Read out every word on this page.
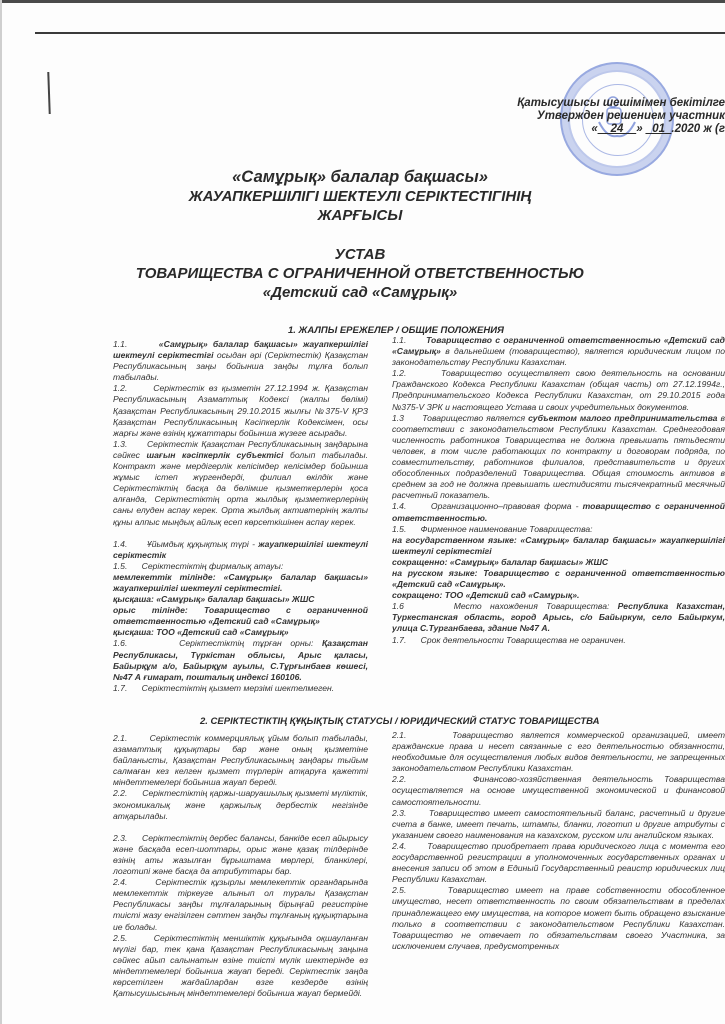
Қатысушысы шешімімен бекітілге
Утвержден решением участник
«__24__» _01_.2020 ж (г
«Самұрық» балалар бақшасы»
ЖАУАПКЕРШІЛІГІ ШЕКТЕУЛІ СЕРІКТЕСТІГІНІҢ
ЖАРҒЫСЫ
УСТАВ
ТОВАРИЩЕСТВА С ОГРАНИЧЕННОЙ ОТВЕТСТВЕННОСТЬЮ
«Детский сад «Самұрық»
1. ЖАЛПЫ ЕРЕЖЕЛЕР / ОБЩИЕ ПОЛОЖЕНИЯ

1.1.      «Самұрық» балалар бақшасы» жауапкершілігі шектеулі серіктестігі осыдан әрі (Серіктестік) Қазақстан Республикасының заңы бойынша заңды тұлға болып табылады.

1.2.      Серіктестік өз қызметін 27.12.1994 ж. Қазақстан Республикасының Азаматтық Кодексі (жалпы бөлімі) Қазақстан Республикасының 29.10.2015 жылғы №375-V ҚРЗ Қазақстан Республикасының Кәсіпкерлік Кодексімен, осы жарғы және өзінің құжаттары бойынша жүзеге асырады.

1.3.      Серіктестік Қазақстан Республикасының заңдарына сәйкес шағын кәсіпкерлік субъектісі болып табылады. Контракт және мердігерлік келісімдер келісімдер бойынша жұмыс істеп жүргендерді, филиал өкілдік және Серіктестіктің басқа да бөлімше қызметкерлерін қоса алғанда, Серіктестіктің орта жылдық қызметкерлерінің саны елуден аспау керек. Орта жылдық активтерінің жалпы құны алпыс мыңдық айлық есеп көрсеткішінен аспау керек.

1.4.      Ұйымдық құқықтық түрі - жауапкершілігі шектеулі серіктестік

1.5.      Серіктестіктің фирмалық атауы:

мемлекеттік тілінде: «Самұрық» балалар бақшасы» жауапкершілігі шектеулі серіктестігі.

қысқаша: «Самұрық» балалар бақшасы» ЖШС

орыс тілінде: Товарищество с ограниченной ответственностью «Детский сад «Самұрық»

қысқаша: ТОО «Детский сад «Самұрық»

1.6.      Серіктестіктің тұрған орны: Қазақстан Республикасы, Түркістан облысы, Арыс қаласы, Байырқұм а/о, Байырқұм ауылы, С.Тұрғынбаев көшесі, №47 А ғимарат, пошталық индексі 160106.

1.7.      Серіктестіктің қызмет мерзімі шектелмеген.

1.1.      Товарищество с ограниченной ответственностью «Детский сад «Самұрық» в дальнейшем (товарищество), является юридическим лицом по законодательству Республики Казахстан.

1.2.      Товарищество осуществляет свою деятельность на основании Гражданского Кодекса Республики Казахстан (общая часть) от 27.12.1994г., Предпринимательского Кодекса Республики Казахстан, от 29.10.2015 года №375-V ЗРК и настоящего Устава и своих учредительных документов.

1.3      Товарищество является субъектом малого предпринимательства в соответствии с законодательством Республики Казахстан. Среднегодовая численность работников Товарищества не должна превышать пятьдесяти человек, в том числе работающих по контракту и договорам подряда, по совместительству, работников филиалов, представительств и других обособленных подразделений Товарищества. Общая стоимость активов в среднем за год не должна превышать шестидисяти тысячекратный месячный расчетный показатель.

1.4.      Организационно–правовая форма - товарищество с ограниченной ответственностью.

1.5.      Фирменное наименование Товарищества:

на государственном языке: «Самұрық» балалар бақшасы» жауапкершілігі шектеулі серіктестігі

сокращенно: «Самұрық» балалар бақшасы» ЖШС

на русском языке: Товарищество с ограниченной ответственностью «Детский сад «Самұрық».

сокращено: ТОО «Детский сад «Самұрық».

1.6      Место нахождения Товарищества: Республика Казахстан, Туркестанская область, город Арысь, с/о Байыркум, село Байыркум, улица С.Турганбаева, здание №47 А.

1.7.      Срок деятельности Товарищества не ограничен.

2. СЕРІКТЕСТІКТІҢ ҚҰҚЫҚТЫҚ СТАТУСЫ / ЮРИДИЧЕСКИЙ СТАТУС ТОВАРИЩЕСТВА

2.1.      Серіктестік коммерциялық ұйым болып табылады, азаматтық құқықтары бар және оның қызметіне байланысты, Қазақстан Республикасының заңдары тыйым салмаған кез келген қызмет түрлерін атқаруға қажетті міндеттемелері бойынша жауап береді.

2.2.      Серіктестіктің қаржы-шаруашылық қызметі мүліктік, экономикалық және қаржылық дербестік негізінде атқарылады.

2.3.      Серіктестіктің дербес балансы, банкіде есеп айырысу және басқада есеп-шоттары, орыс және қазақ тілдерінде өзінің аты жазылған бұрыштама мөрлері, бланкілері, логотипі және басқа да атрибуттары бар.

2.4.      Серіктестік құзырлы мемлекеттік органдарында мемлекеттік тіркеуге алынып ол туралы Қазақстан Республикасы заңды тұлғаларының бірыңғай регистріне тиісті жазу енгізілген сәттен заңды тұлғаның құқықтарына ие болады.

2.5.      Серіктестіктің меншіктік құқығында оқшауланған мүлігі бар, тек қана Қазақстан Республикасының заңына сәйкес айып салынатын өзіне тиісті мүлік шектерінде өз міндеттемелері бойынша жауап береді. Серіктестік заңда көрсетілген жағдайлардан өзге кездерде өзінің Қатысушысының міндеттемелері бойынша жауап бермейді.

2.1.      Товарищество является коммерческой организацией, имеет гражданские права и несет связанные с его деятельностью обязанности, необходимые для осуществления любых видов деятельности, не запрещенных законодательством Республики Казахстан.

2.2.      Финансово-хозяйственная деятельность Товарищества осуществляется на основе имущественной экономической и финансовой самостоятельности.

2.3.      Товарищество имеет самостоятельный баланс, расчетный и другие счета в банке, имеет печать, штампы, бланки, логотип и другие атрибуты с указанием своего наименования на казахском, русском или английском языках.

2.4.      Товарищество приобретает права юридического лица с момента его государственной регистрации в уполномоченных государственных органах и внесения записи об этом в Единый Государственный реаистр юридических лиц Республики Казахстан.

2.5.      Товарищество имеет на праве собственности обособленное имущество, несет ответственность по своим обязательствам в пределах принадлежащего ему имущества, на которое может быть обращено взыскание только в соответствии с законодательством Республики Казахстан. Товарищество не отвечает по обязательствам своего Участника, за исключением случаев, предусмотренных
